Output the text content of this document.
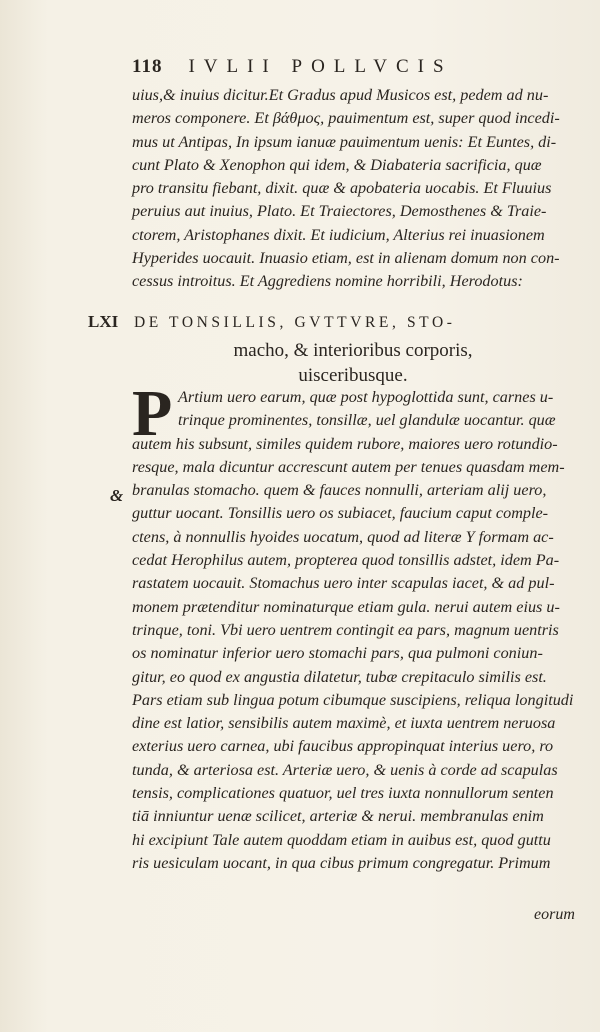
118 IVLII POLLVCIS
uius,& inuius dicitur.Et Gradus apud Musicos est, pedem ad nu-
meros componere. Et βάθμος, pauimentum est, super quod incedi-
mus ut Antipas, In ipsum ianuæ pauimentum uenis: Et Euntes, di-
cunt Plato & Xenophon qui idem, & Diabateria sacrificia, quæ
pro transitu fiebant, dixit. quæ & apobateria uocabis. Et Fluuius
peruius aut inuius, Plato. Et Traiectores, Demosthenes & Traie-
ctorem, Aristophanes dixit. Et iudicium, Alterius rei inuasionem
Hyperides uocauit. Inuasio etiam, est in alienam domum non con-
cessus introitus. Et Aggrediens nomine horribili, Herodotus:
LXI	DE TONSILLIS, GVTTVRE, STO-
macho, & interioribus corporis,
uisceribusque.
P
&
Artium uero earum, quæ post hypoglottida sunt, carnes u-
trinque prominentes, tonsillæ, uel glandulæ uocantur. quæ
autem his subsunt, similes quidem rubore, maiores uero rotundio-
resque, mala dicuntur accrescunt autem per tenues quasdam mem-
branulas stomacho. quem & fauces nonnulli, arteriam alij uero,
guttur uocant. Tonsillis uero os subiacet, faucium caput comple-
ctens, à nonnullis hyoides uocatum, quod ad literæ Y formam ac-
cedat Herophilus autem, propterea quod tonsillis adstet, idem Pa-
rastatem uocauit. Stomachus uero inter scapulas iacet, & ad pul-
monem prætenditur nominaturque etiam gula. nerui autem eius u-
trinque, toni. Vbi uero uentrem contingit ea pars, magnum uentris
os nominatur inferior uero stomachi pars, qua pulmoni coniun-
gitur, eo quod ex angustia dilatetur, tubæ crepitaculo similis est.
Pars etiam sub lingua potum cibumque suscipiens, reliqua longitudi
dine est latior, sensibilis autem maximè, et iuxta uentrem neruosa
exterius uero carnea, ubi faucibus appropinquat interius uero, ro
tunda, & arteriosa est. Arteriæ uero, & uenis à corde ad scapulas
tensis, complicationes quatuor, uel tres iuxta nonnullorum senten
tiā inniuntur uenæ scilicet, arteriæ & nerui. membranulas enim
hi excipiunt Tale autem quoddam etiam in auibus est, quod guttu
ris uesiculam uocant, in qua cibus primum congregatur. Primum
eorum
